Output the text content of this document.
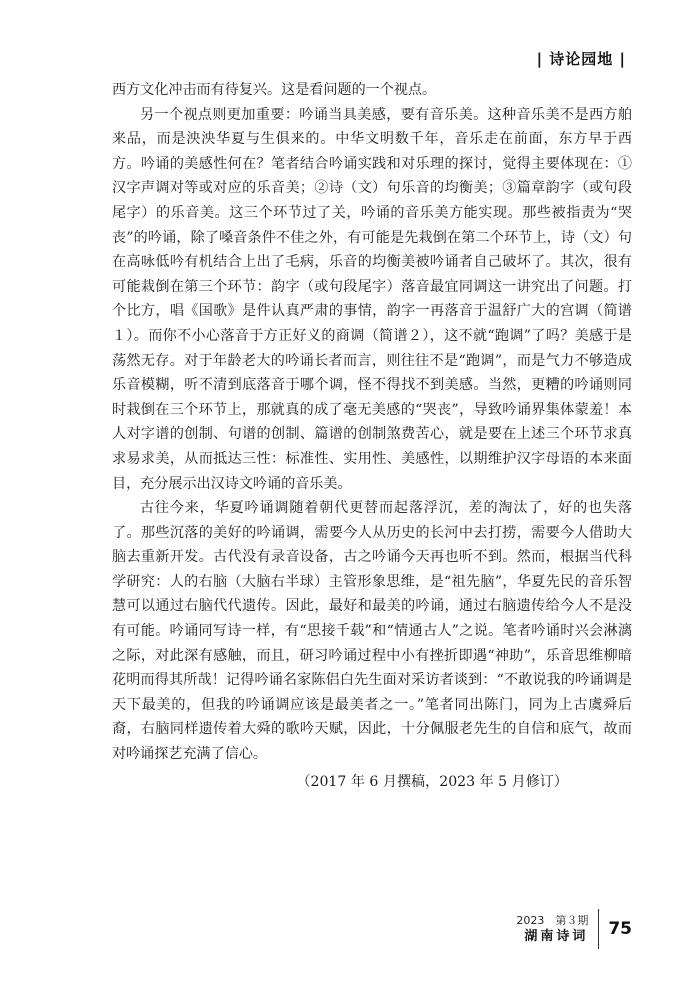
| 诗论园地 |

西方文化冲击而有待复兴。这是看问题的一个视点。

另一个视点则更加重要：吟诵当具美感，要有音乐美。这种音乐美不是西方舶来品，而是泱泱华夏与生俱来的。中华文明数千年，音乐走在前面，东方早于西方。吟诵的美感性何在？笔者结合吟诵实践和对乐理的探讨，觉得主要体现在：①汉字声调对等或对应的乐音美；②诗（文）句乐音的均衡美；③篇章韵字（或句段尾字）的乐音美。这三个环节过了关，吟诵的音乐美方能实现。那些被指责为“哭丧”的吟诵，除了嗓音条件不佳之外，有可能是先栽倒在第二个环节上，诗（文）句在高咏低吟有机结合上出了毛病，乐音的均衡美被吟诵者自己破坏了。其次，很有可能栽倒在第三个环节：韵字（或句段尾字）落音最宜同调这一讲究出了问题。打个比方，唱《国歌》是件认真严肃的事情，韵字一再落音于温舒广大的宫调（简谱１）。而你不小心落音于方正好义的商调（简谱２），这不就“跑调”了吗？美感于是荡然无存。对于年龄老大的吟诵长者而言，则往往不是“跑调”，而是气力不够造成乐音模糊，听不清到底落音于哪个调，怪不得找不到美感。当然，更糟的吟诵则同时栽倒在三个环节上，那就真的成了毫无美感的“哭丧”，导致吟诵界集体蒙羞！本人对字谱的创制、句谱的创制、篇谱的创制煞费苦心，就是要在上述三个环节求真求易求美，从而抵达三性：标准性、实用性、美感性，以期维护汉字母语的本来面目，充分展示出汉诗文吟诵的音乐美。

古往今来，华夏吟诵调随着朝代更替而起落浮沉，差的淘汰了，好的也失落了。那些沉落的美好的吟诵调，需要今人从历史的长河中去打捞，需要今人借助大脑去重新开发。古代没有录音设备，古之吟诵今天再也听不到。然而，根据当代科学研究：人的右脑（大脑右半球）主管形象思维，是“祖先脑”，华夏先民的音乐智慧可以通过右脑代代遗传。因此，最好和最美的吟诵，通过右脑遗传给今人不是没有可能。吟诵同写诗一样，有“思接千载”和“情通古人”之说。笔者吟诵时兴会淋漓之际，对此深有感触，而且，研习吟诵过程中小有挫折即遇“神助”，乐音思维柳暗花明而得其所哉！记得吟诵名家陈侣白先生面对采访者谈到：“不敢说我的吟诵调是天下最美的，但我的吟诵调应该是最美者之一。”笔者同出陈门，同为上古虞舜后裔，右脑同样遗传着大舜的歌吟天赋，因此，十分佩服老先生的自信和底气，故而对吟诵探艺充满了信心。

（2017 年 6 月撰稿，2023 年 5 月修订）

2023　第３期
湖南诗词	75
